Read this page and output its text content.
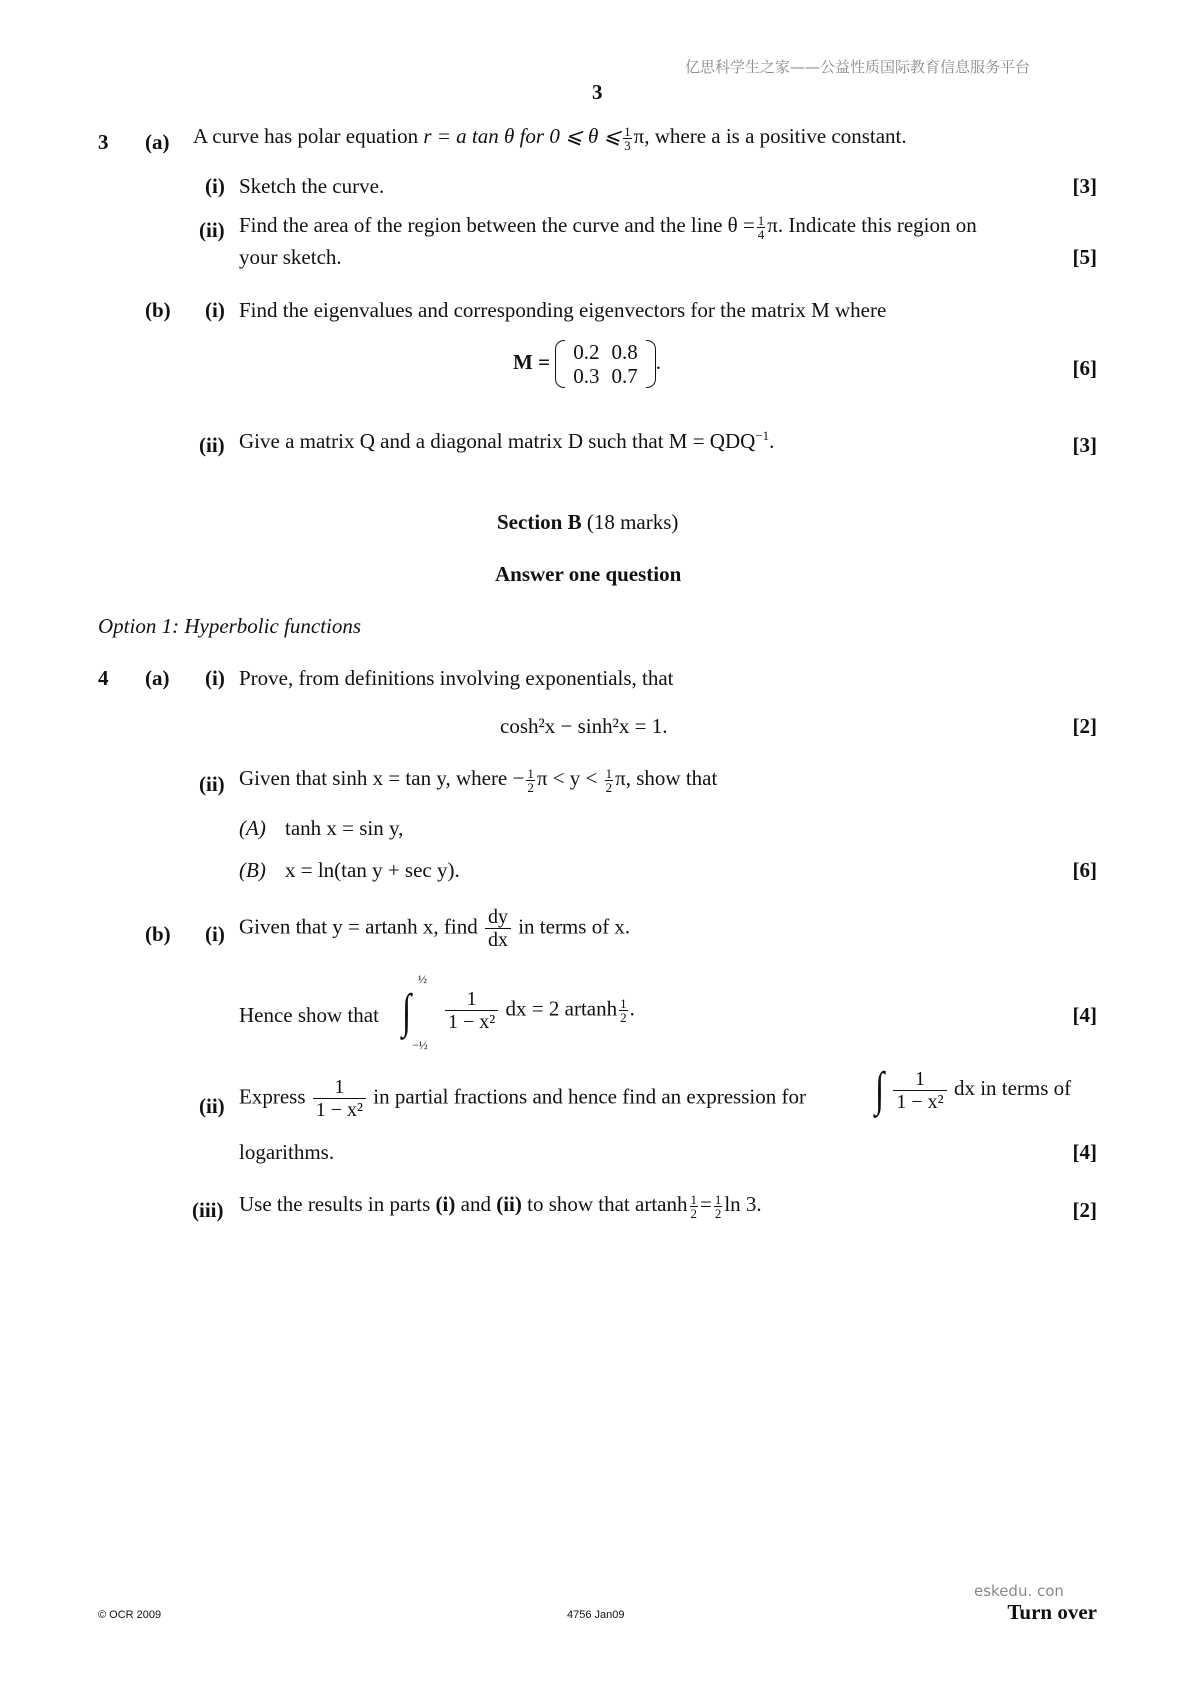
亿思科学生之家——公益性质国际教育信息服务平台
3
3 (a) A curve has polar equation r = a tan θ for 0 ⩽ θ ⩽ $\frac{1}{3} \pi$, where a is a positive constant.
(i) Sketch the curve.	[3]
(ii) Find the area of the region between the curve and the line $\theta = \frac{1}{4} \pi$. Indicate this region on
your sketch.	[5]
(b) (i) Find the eigenvalues and corresponding eigenvectors for the matrix M where
M = 0.2	0.8
0.3	0.7
.	[6]
(ii) Give a matrix Q and a diagonal matrix D such that $M = QDQ^{-1}$.	[3]
Section B (18 marks)
Answer one question
Option 1: Hyperbolic functions
4 (a) (i) Prove, from definitions involving exponentials, that
cosh²x − sinh²x = 1.	[2]
(ii) Given that sinh x = tan y, where − $\frac{1}{2}$ $\pi < y < \frac{1}{2} \pi$, show that
(A) tanh x = sin y,
(B) x = ln(tan y + sec y).	[6]
(b) (i) Given that y = artanh x, find $\frac{dy}{dx}$ in terms of x.
Hence show that
½
∫
−½
$\frac{1}{\text{1 − x²}}$ dx = 2 artanh $\frac{1}{2}$ .	[4]
(ii) Express $\frac{1}{\text{1 − x²}}$ in partial fractions and hence find an expression for ∫ $\frac{1}{\text{1 − x²}}$ dx in terms of
logarithms.	[4]
(iii) Use the results in parts (i) and (ii) to show that artanh $\frac{1}{2} = \frac{1}{2}$ ln 3.	[2]
eskedu. con
© OCR 2009	4756 Jan09	Turn over
